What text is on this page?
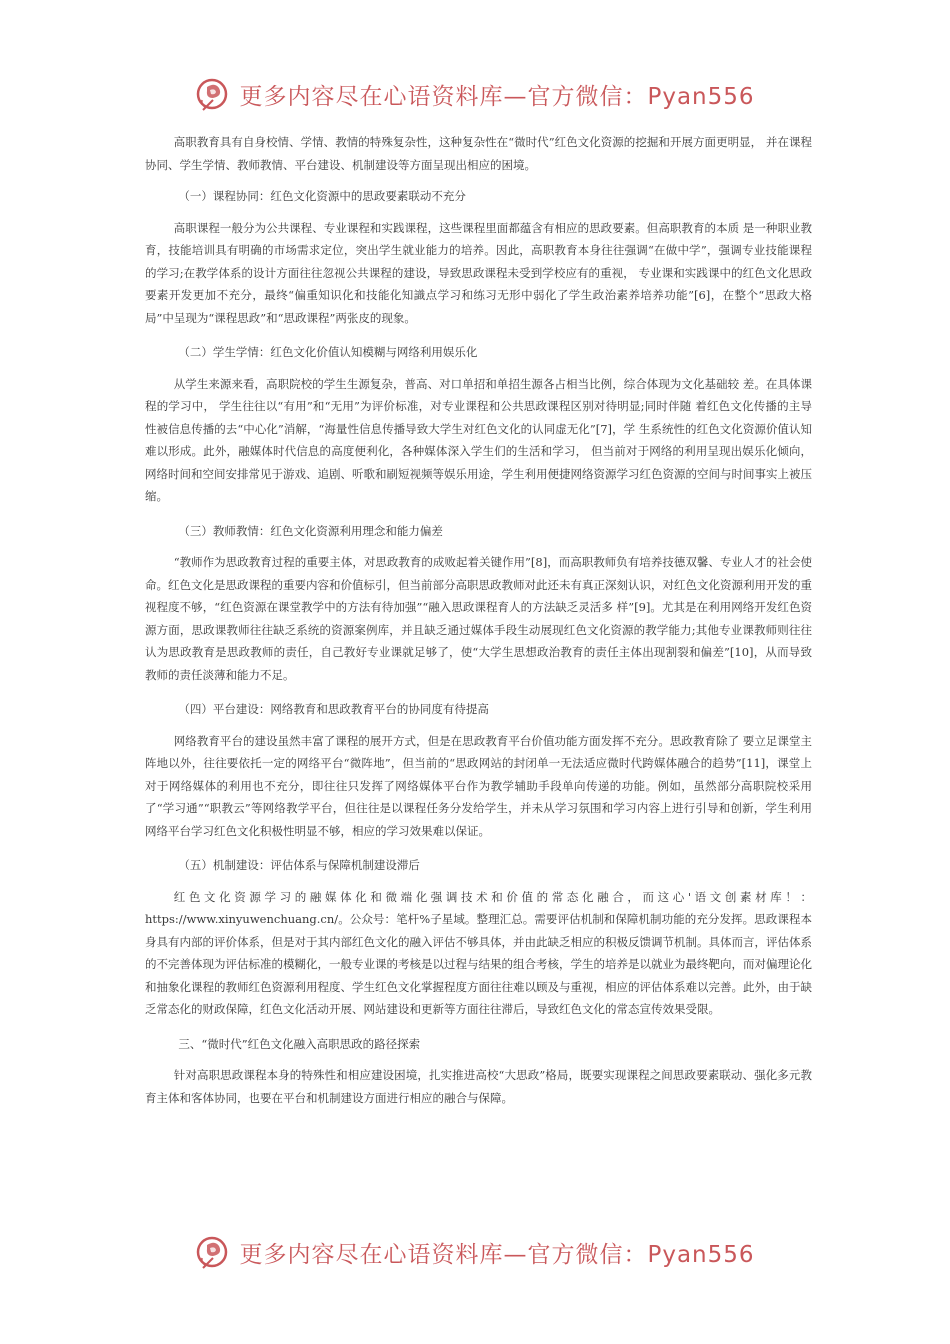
更多内容尽在心语资料库—官方微信：Pyan556

高职教育具有自身校情、学情、教情的特殊复杂性，这种复杂性在“微时代”红色文化资源的挖掘和开展方面更明显， 并在课程协同、学生学情、教师教情、平台建设、机制建设等方面呈现出相应的困境。

（一）课程协同：红色文化资源中的思政要素联动不充分

高职课程一般分为公共课程、专业课程和实践课程，这些课程里面都蕴含有相应的思政要素。但高职教育的本质 是一种职业教育，技能培训具有明确的市场需求定位，突出学生就业能力的培养。因此，高职教育本身往往强调“在做中学”，强调专业技能课程的学习;在教学体系的设计方面往往忽视公共课程的建设，导致思政课程未受到学校应有的重视， 专业课和实践课中的红色文化思政要素开发更加不充分，最终“偏重知识化和技能化知識点学习和练习无形中弱化了学生政治素养培养功能”[6]，在整个“思政大格局”中呈现为“课程思政”和“思政课程”两张皮的现象。

（二）学生学情：红色文化价值认知模糊与网络利用娱乐化

从学生来源来看，高职院校的学生生源复杂，普高、对口单招和单招生源各占相当比例，综合体现为文化基础较 差。在具体课程的学习中， 学生往往以“有用”和“无用”为评价标准，对专业课程和公共思政课程区别对待明显;同时伴随 着红色文化传播的主导性被信息传播的去“中心化”消解，“海量性信息传播导致大学生对红色文化的认同虚无化”[7]，学 生系统性的红色文化资源价值认知难以形成。此外，融媒体时代信息的高度便利化，各种媒体深入学生们的生活和学习， 但当前对于网络的利用呈现出娱乐化倾向，网络时间和空间安排常见于游戏、追剧、听歌和刷短视频等娱乐用途，学生利用便捷网络资源学习红色资源的空间与时间事实上被压缩。

（三）教师教情：红色文化资源利用理念和能力偏差

“教师作为思政教育过程的重要主体，对思政教育的成败起着关键作用”[8]，而高职教师负有培养技德双馨、专业人才的社会使命。红色文化是思政课程的重要内容和价值标引，但当前部分高职思政教师对此还未有真正深刻认识，对红色文化资源利用开发的重视程度不够，“红色资源在课堂教学中的方法有待加强”“融入思政课程育人的方法缺乏灵活多 样”[9]。尤其是在利用网络开发红色资源方面，思政课教师往往缺乏系统的资源案例库，并且缺乏通过媒体手段生动展现红色文化资源的教学能力;其他专业课教师则往往认为思政教育是思政教师的责任，自己教好专业课就足够了，使“大学生思想政治教育的责任主体出现割裂和偏差”[10]，从而导致教师的责任淡薄和能力不足。

（四）平台建设：网络教育和思政教育平台的协同度有待提高

网络教育平台的建设虽然丰富了课程的展开方式，但是在思政教育平台价值功能方面发挥不充分。思政教育除了 要立足课堂主阵地以外，往往要依托一定的网络平台“微阵地”，但当前的“思政网站的封闭单一无法适应微时代跨媒体融合的趋势”[11]，课堂上对于网络媒体的利用也不充分，即往往只发挥了网络媒体平台作为教学辅助手段单向传递的功能。例如，虽然部分高职院校采用了“学习通”“职教云”等网络教学平台，但往往是以课程任务分发给学生，并未从学习氛围和学习内容上进行引导和创新，学生利用网络平台学习红色文化积极性明显不够，相应的学习效果难以保证。

（五）机制建设：评估体系与保障机制建设滞后

红色文化资源学习的融媒体化和微端化强调技术和价值的常态化融合，而这心'语文创素材库！：https://www.xinyuwenchuang.cn/。公众号：笔杆%子星域。整理汇总。需要评估机制和保障机制功能的充分发挥。思政课程本身具有内部的评价体系，但是对于其内部红色文化的融入评估不够具体，并由此缺乏相应的积极反馈调节机制。具体而言，评估体系的不完善体现为评估标准的模糊化，一般专业课的考核是以过程与结果的组合考核，学生的培养是以就业为最终靶向，而对偏理论化和抽象化课程的教师红色资源利用程度、学生红色文化掌握程度方面往往难以顾及与重视，相应的评估体系难以完善。此外，由于缺乏常态化的财政保障，红色文化活动开展、网站建设和更新等方面往往滞后，导致红色文化的常态宣传效果受限。

三、“微时代”红色文化融入高职思政的路径探索

针对高职思政课程本身的特殊性和相应建设困境，扎实推进高校“大思政”格局，既要实现课程之间思政要素联动、强化多元教育主体和客体协同，也要在平台和机制建设方面进行相应的融合与保障。

更多内容尽在心语资料库—官方微信：Pyan556
